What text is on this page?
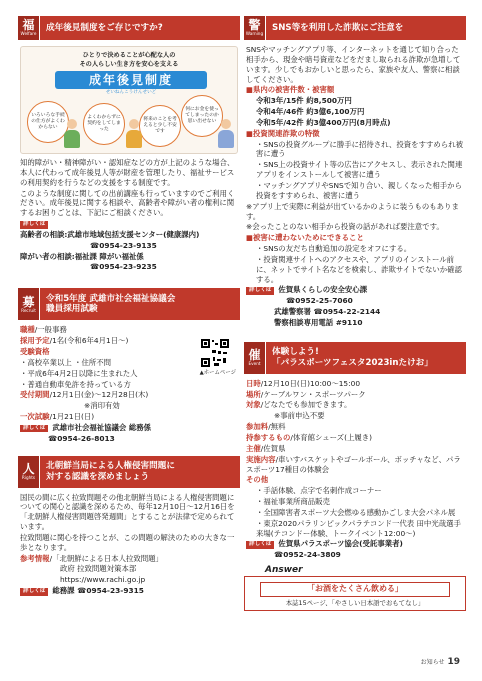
福
Welfare
成年後見制度をご存じですか?
ひとりで決めることが心配な人の
その人らしい生き方を安心を支える
成年後見制度
せいねんこうけんせいど
いろいろな手続の仕方がよくわからない
よくわからずに契約をしてしまった
将来のことを考えると少し不安です
何にお金を使ってしまったのか思い出せない
知的障がい・精神障がい・認知症などの方が上記のような場合、本人に代わって成年後見人等が財産を管理したり、福祉サービスの利用契約を行うなどの支援をする制度です。
このような制度に関しての出前講座も行っていますのでご利用ください。成年後見に関する相談や、高齢者や障がい者の権利に関するお困りごとは、下記にご相談ください。
詳しくは
高齢者の相談:武雄市地域包括支援センター(健康課内)
☎0954-23-9135
障がい者の相談:福祉課 障がい福祉係
☎0954-23-9235
募
Recruit
令和5年度 武雄市社会福祉協議会
職員採用試験
▲ホームページ
職種/一般事務
採用予定/1名(令和6年4月1日〜)
受験資格
・高校卒業以上 ・住所不問
・平成6年4月2日以降に生まれた人
・普通自動車免許を持っている方
受付期間/12月1日(金)〜12月28日(木)
※消印有効
一次試験/1月21日(日)
詳しくは 武雄市社会福祉協議会 総務係
☎0954-26-8013
人
Rights
北朝鮮当局による人権侵害問題に
対する認識を深めましょう
国民の間に広く拉致問題その他北朝鮮当局による人権侵害問題についての関心と認識を深めるため、毎年12月10日〜12月16日を「北朝鮮人権侵害問題啓発週間」とすることが法律で定められています。
拉致問題に関心を持つことが、この問題の解決のための大きな一歩となります。
参考情報/「北朝鮮による日本人拉致問題」
政府 拉致問題対策本部
https://www.rachi.go.jp
詳しくは 総務課 ☎0954-23-9315
警
Warning
SNS等を利用した詐欺にご注意を
SNSやマッチングアプリ等、インターネットを通じて知り合った相手から、現金や暗号資産などをだまし取られる詐欺が急増しています。少しでもおかしいと思ったら、家族や友人、警察に相談してください。
■県内の被害件数・被害額
令和3年/15件 約8,500万円
令和4年/46件 約3億6,100万円
令和5年/42件 約3億400万円(8月時点)
■投資関連詐欺の特徴
・SNSの投資グループに勝手に招待され、投資をすすめられ被害に遭う
・SNS上の投資サイト等の広告にアクセスし、表示された関連アプリをインストールして被害に遭う
・マッチングアプリやSNSで知り合い、親しくなった相手から投資をすすめられ、被害に遭う
※アプリ上で実際に利益が出ているかのように装うものもあります。
※会ったことのない相手から投資の話があれば要注意です。
■被害に遭わないためにできること
・SNSの友だち自動追加の設定をオフにする。
・投資関連サイトへのアクセスや、アプリのインストール前に、ネットでサイト名などを検索し、詐欺サイトでないか確認する。
詳しくは 佐賀県くらしの安全安心課
☎0952-25-7060
武雄警察署 ☎0954-22-2144
警察相談専用電話 #9110
催
Event
体験しよう!
「パラスポーツフェスタ2023inたけお」
日時/12月10日(日)10:00〜15:00
場所/ケーブルワン・スポーツパーク
対象/どなたでも参加できます。
※事前申込不要
参加料/無料
持参するもの/体育館シューズ(上履き)
主催/佐賀県
実施内容/車いすバスケットやゴールボール、ボッチャなど、パラスポーツ17種目の体験会
その他
・手話体験、点字で名刺作成コーナー
・福祉事業所商品販売
・全国障害者スポーツ大会燃ゆる感動かごしま大会パネル展
・東京2020パラリンピックパラテコンド一代表 田中光哉選手来場(テコンドー体験、トークイベント12:00〜)
詳しくは 佐賀県パラスポーツ協会(受託事業者)
☎0952-24-3809
Answer
「お酒をたくさん飲める」
本誌15ページ、「やさしい日本語でおもてなし」
お知らせ 19
